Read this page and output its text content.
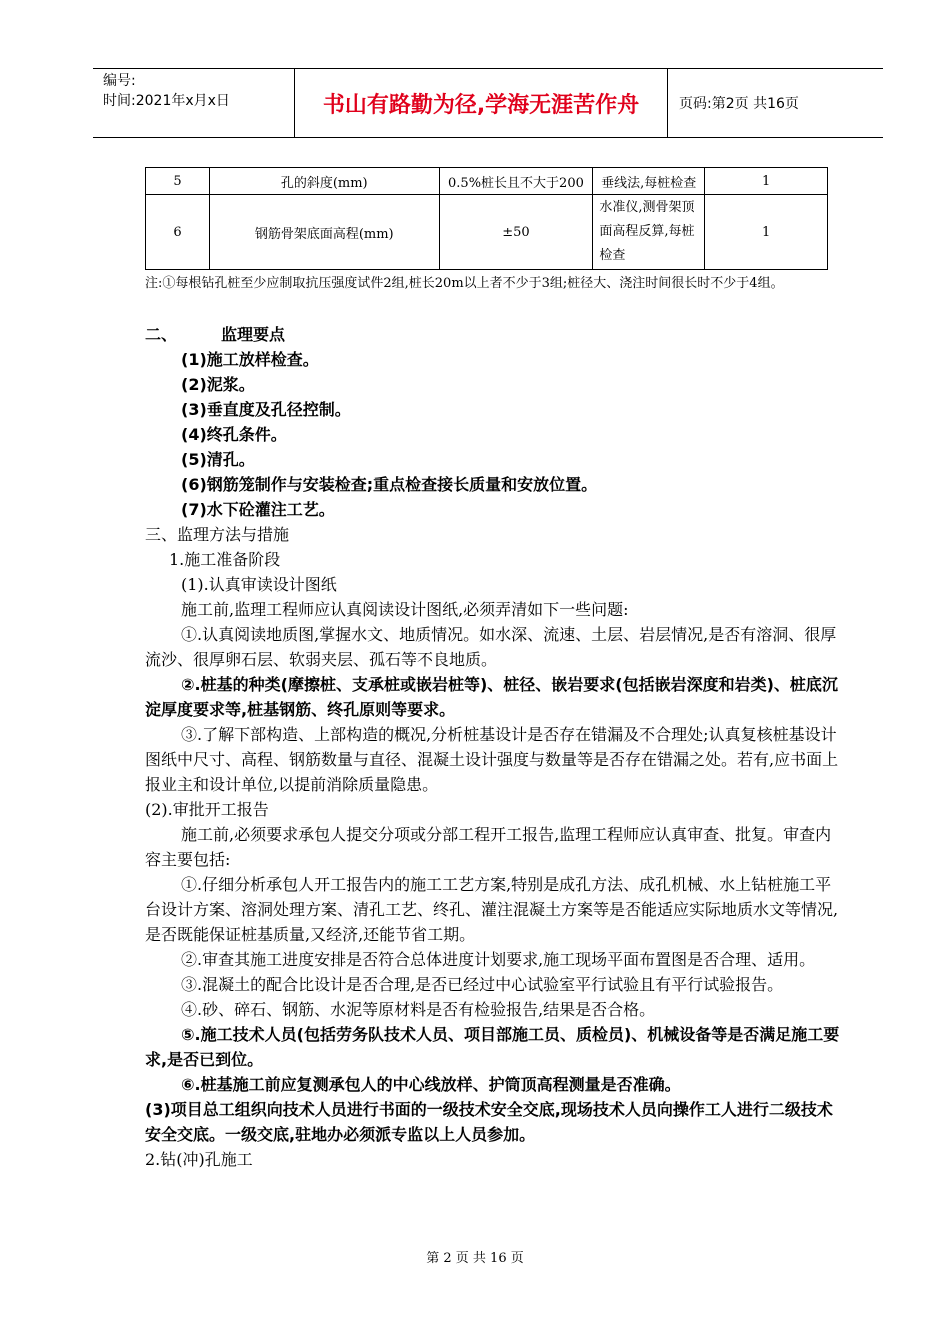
编号:
时间:2021年x月x日	书山有路勤为径,学海无涯苦作舟	页码:第2页 共16页
5	孔的斜度(mm)	0.5%桩长且不大于200	垂线法,每桩检查	1
6	钢筋骨架底面高程(mm)	±50	水准仪,测骨架顶面高程反算,每桩检查	1
注:①每根钻孔桩至少应制取抗压强度试件2组,桩长20m以上者不少于3组;桩径大、浇注时间很长时不少于4组。

二、	监理要点

(1)施工放样检查。

(2)泥浆。

(3)垂直度及孔径控制。

(4)终孔条件。

(5)清孔。

(6)钢筋笼制作与安装检查;重点检查接长质量和安放位置。

(7)水下砼灌注工艺。

三、监理方法与措施

1.施工准备阶段

(1).认真审读设计图纸

施工前,监理工程师应认真阅读设计图纸,必须弄清如下一些问题:

①.认真阅读地质图,掌握水文、地质情况。如水深、流速、土层、岩层情况,是否有溶洞、很厚流沙、很厚卵石层、软弱夹层、孤石等不良地质。

②.桩基的种类(摩擦桩、支承桩或嵌岩桩等)、桩径、嵌岩要求(包括嵌岩深度和岩类)、桩底沉淀厚度要求等,桩基钢筋、终孔原则等要求。

③.了解下部构造、上部构造的概况,分析桩基设计是否存在错漏及不合理处;认真复核桩基设计图纸中尺寸、高程、钢筋数量与直径、混凝土设计强度与数量等是否存在错漏之处。若有,应书面上报业主和设计单位,以提前消除质量隐患。

(2).审批开工报告

施工前,必须要求承包人提交分项或分部工程开工报告,监理工程师应认真审查、批复。审查内容主要包括:

①.仔细分析承包人开工报告内的施工工艺方案,特别是成孔方法、成孔机械、水上钻桩施工平台设计方案、溶洞处理方案、清孔工艺、终孔、灌注混凝土方案等是否能适应实际地质水文等情况,是否既能保证桩基质量,又经济,还能节省工期。

②.审查其施工进度安排是否符合总体进度计划要求,施工现场平面布置图是否合理、适用。

③.混凝土的配合比设计是否合理,是否已经过中心试验室平行试验且有平行试验报告。

④.砂、碎石、钢筋、水泥等原材料是否有检验报告,结果是否合格。

⑤.施工技术人员(包括劳务队技术人员、项目部施工员、质检员)、机械设备等是否满足施工要求,是否已到位。

⑥.桩基施工前应复测承包人的中心线放样、护筒顶高程测量是否准确。

(3)项目总工组织向技术人员进行书面的一级技术安全交底,现场技术人员向操作工人进行二级技术安全交底。一级交底,驻地办必须派专监以上人员参加。

2.钻(冲)孔施工

第 2 页 共 16 页
